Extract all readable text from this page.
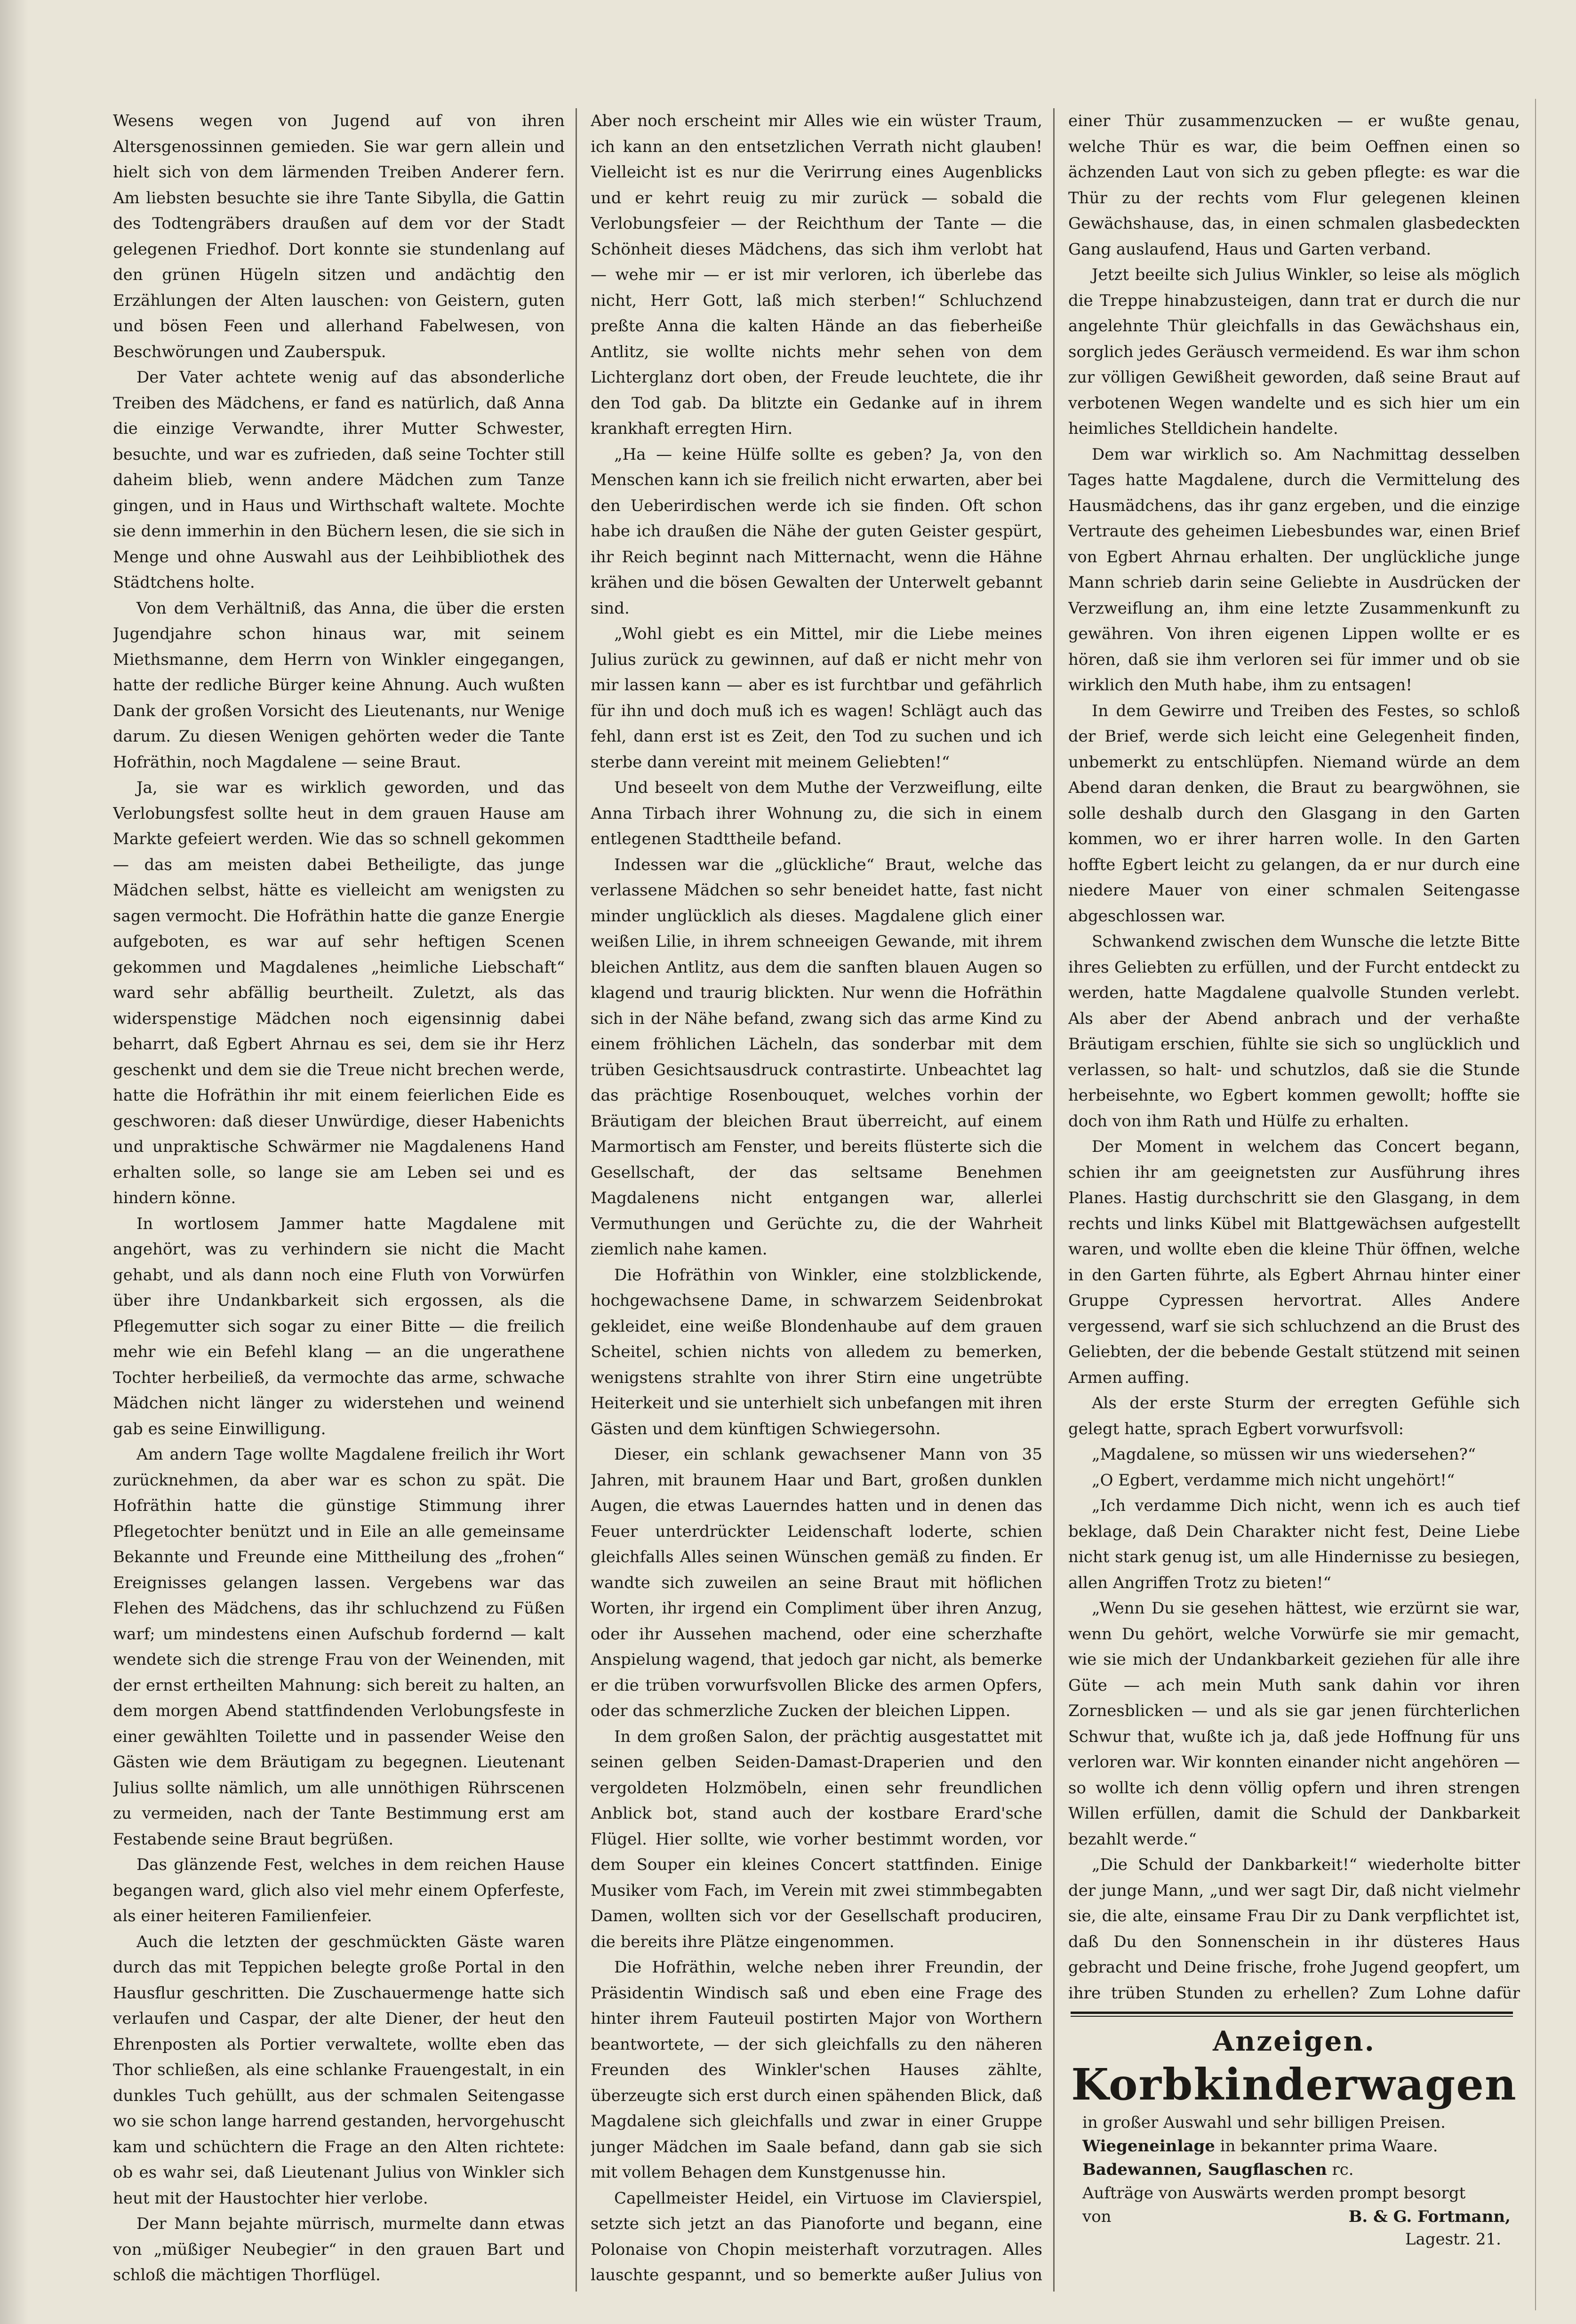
Wesens wegen von Jugend auf von ihren Altersgenossinnen gemieden. Sie war gern allein und hielt sich von dem lärmenden Treiben Anderer fern. Am liebsten besuchte sie ihre Tante Sibylla, die Gattin des Todtengräbers draußen auf dem vor der Stadt gelegenen Friedhof. Dort konnte sie stundenlang auf den grünen Hügeln sitzen und andächtig den Erzählungen der Alten lauschen: von Geistern, guten und bösen Feen und allerhand Fabelwesen, von Beschwörungen und Zauberspuk.

Der Vater achtete wenig auf das absonderliche Treiben des Mädchens, er fand es natürlich, daß Anna die einzige Verwandte, ihrer Mutter Schwester, besuchte, und war es zufrieden, daß seine Tochter still daheim blieb, wenn andere Mädchen zum Tanze gingen, und in Haus und Wirthschaft waltete. Mochte sie denn immerhin in den Büchern lesen, die sie sich in Menge und ohne Auswahl aus der Leihbibliothek des Städtchens holte.

Von dem Verhältniß, das Anna, die über die ersten Jugendjahre schon hinaus war, mit seinem Miethsmanne, dem Herrn von Winkler eingegangen, hatte der redliche Bürger keine Ahnung. Auch wußten Dank der großen Vorsicht des Lieutenants, nur Wenige darum. Zu diesen Wenigen gehörten weder die Tante Hofräthin, noch Magdalene — seine Braut.

Ja, sie war es wirklich geworden, und das Verlobungsfest sollte heut in dem grauen Hause am Markte gefeiert werden. Wie das so schnell gekommen — das am meisten dabei Betheiligte, das junge Mädchen selbst, hätte es vielleicht am wenigsten zu sagen vermocht. Die Hofräthin hatte die ganze Energie aufgeboten, es war auf sehr heftigen Scenen gekommen und Magdalenes „heimliche Liebschaft“ ward sehr abfällig beurtheilt. Zuletzt, als das widerspenstige Mädchen noch eigensinnig dabei beharrt, daß Egbert Ahrnau es sei, dem sie ihr Herz geschenkt und dem sie die Treue nicht brechen werde, hatte die Hofräthin ihr mit einem feierlichen Eide es geschworen: daß dieser Unwürdige, dieser Habenichts und unpraktische Schwärmer nie Magdalenens Hand erhalten solle, so lange sie am Leben sei und es hindern könne.

In wortlosem Jammer hatte Magdalene mit angehört, was zu verhindern sie nicht die Macht gehabt, und als dann noch eine Fluth von Vorwürfen über ihre Undankbarkeit sich ergossen, als die Pflegemutter sich sogar zu einer Bitte — die freilich mehr wie ein Befehl klang — an die ungerathene Tochter herbeiließ, da vermochte das arme, schwache Mädchen nicht länger zu widerstehen und weinend gab es seine Einwilligung.

Am andern Tage wollte Magdalene freilich ihr Wort zurücknehmen, da aber war es schon zu spät. Die Hofräthin hatte die günstige Stimmung ihrer Pflegetochter benützt und in Eile an alle gemeinsame Bekannte und Freunde eine Mittheilung des „frohen“ Ereignisses gelangen lassen. Vergebens war das Flehen des Mädchens, das ihr schluchzend zu Füßen warf; um mindestens einen Aufschub fordernd — kalt wendete sich die strenge Frau von der Weinenden, mit der ernst ertheilten Mahnung: sich bereit zu halten, an dem morgen Abend stattfindenden Verlobungsfeste in einer gewählten Toilette und in passender Weise den Gästen wie dem Bräutigam zu begegnen. Lieutenant Julius sollte nämlich, um alle unnöthigen Rührscenen zu vermeiden, nach der Tante Bestimmung erst am Festabende seine Braut begrüßen.

Das glänzende Fest, welches in dem reichen Hause begangen ward, glich also viel mehr einem Opferfeste, als einer heiteren Familienfeier.

Auch die letzten der geschmückten Gäste waren durch das mit Teppichen belegte große Portal in den Hausflur geschritten. Die Zuschauermenge hatte sich verlaufen und Caspar, der alte Diener, der heut den Ehrenposten als Portier verwaltete, wollte eben das Thor schließen, als eine schlanke Frauengestalt, in ein dunkles Tuch gehüllt, aus der schmalen Seitengasse wo sie schon lange harrend gestanden, hervorgehuscht kam und schüchtern die Frage an den Alten richtete: ob es wahr sei, daß Lieutenant Julius von Winkler sich heut mit der Haustochter hier verlobe.

Der Mann bejahte mürrisch, murmelte dann etwas von „müßiger Neubegier“ in den grauen Bart und schloß die mächtigen Thorflügel.

Aber noch erscheint mir Alles wie ein wüster Traum, ich kann an den entsetzlichen Verrath nicht glauben! Vielleicht ist es nur die Verirrung eines Augenblicks und er kehrt reuig zu mir zurück — sobald die Verlobungsfeier — der Reichthum der Tante — die Schönheit dieses Mädchens, das sich ihm verlobt hat — wehe mir — er ist mir verloren, ich überlebe das nicht, Herr Gott, laß mich sterben!“ Schluchzend preßte Anna die kalten Hände an das fieberheiße Antlitz, sie wollte nichts mehr sehen von dem Lichterglanz dort oben, der Freude leuchtete, die ihr den Tod gab. Da blitzte ein Gedanke auf in ihrem krankhaft erregten Hirn.

„Ha — keine Hülfe sollte es geben? Ja, von den Menschen kann ich sie freilich nicht erwarten, aber bei den Ueberirdischen werde ich sie finden. Oft schon habe ich draußen die Nähe der guten Geister gespürt, ihr Reich beginnt nach Mitternacht, wenn die Hähne krähen und die bösen Gewalten der Unterwelt gebannt sind.

„Wohl giebt es ein Mittel, mir die Liebe meines Julius zurück zu gewinnen, auf daß er nicht mehr von mir lassen kann — aber es ist furchtbar und gefährlich für ihn und doch muß ich es wagen! Schlägt auch das fehl, dann erst ist es Zeit, den Tod zu suchen und ich sterbe dann vereint mit meinem Geliebten!“

Und beseelt von dem Muthe der Verzweiflung, eilte Anna Tirbach ihrer Wohnung zu, die sich in einem entlegenen Stadttheile befand.

Indessen war die „glückliche“ Braut, welche das verlassene Mädchen so sehr beneidet hatte, fast nicht minder unglücklich als dieses. Magdalene glich einer weißen Lilie, in ihrem schneeigen Gewande, mit ihrem bleichen Antlitz, aus dem die sanften blauen Augen so klagend und traurig blickten. Nur wenn die Hofräthin sich in der Nähe befand, zwang sich das arme Kind zu einem fröhlichen Lächeln, das sonderbar mit dem trüben Gesichtsausdruck contrastirte. Unbeachtet lag das prächtige Rosenbouquet, welches vorhin der Bräutigam der bleichen Braut überreicht, auf einem Marmortisch am Fenster, und bereits flüsterte sich die Gesellschaft, der das seltsame Benehmen Magdalenens nicht entgangen war, allerlei Vermuthungen und Gerüchte zu, die der Wahrheit ziemlich nahe kamen.

Die Hofräthin von Winkler, eine stolzblickende, hochgewachsene Dame, in schwarzem Seidenbrokat gekleidet, eine weiße Blondenhaube auf dem grauen Scheitel, schien nichts von alledem zu bemerken, wenigstens strahlte von ihrer Stirn eine ungetrübte Heiterkeit und sie unterhielt sich unbefangen mit ihren Gästen und dem künftigen Schwiegersohn.

Dieser, ein schlank gewachsener Mann von 35 Jahren, mit braunem Haar und Bart, großen dunklen Augen, die etwas Lauerndes hatten und in denen das Feuer unterdrückter Leidenschaft loderte, schien gleichfalls Alles seinen Wünschen gemäß zu finden. Er wandte sich zuweilen an seine Braut mit höflichen Worten, ihr irgend ein Compliment über ihren Anzug, oder ihr Aussehen machend, oder eine scherzhafte Anspielung wagend, that jedoch gar nicht, als bemerke er die trüben vorwurfsvollen Blicke des armen Opfers, oder das schmerzliche Zucken der bleichen Lippen.

In dem großen Salon, der prächtig ausgestattet mit seinen gelben Seiden-Damast-Draperien und den vergoldeten Holzmöbeln, einen sehr freundlichen Anblick bot, stand auch der kostbare Erard'sche Flügel. Hier sollte, wie vorher bestimmt worden, vor dem Souper ein kleines Concert stattfinden. Einige Musiker vom Fach, im Verein mit zwei stimmbegabten Damen, wollten sich vor der Gesellschaft produciren, die bereits ihre Plätze eingenommen.

Die Hofräthin, welche neben ihrer Freundin, der Präsidentin Windisch saß und eben eine Frage des hinter ihrem Fauteuil postirten Major von Worthern beantwortete, — der sich gleichfalls zu den näheren Freunden des Winkler'schen Hauses zählte, überzeugte sich erst durch einen spähenden Blick, daß Magdalene sich gleichfalls und zwar in einer Gruppe junger Mädchen im Saale befand, dann gab sie sich mit vollem Behagen dem Kunstgenusse hin.

Capellmeister Heidel, ein Virtuose im Clavierspiel, setzte sich jetzt an das Pianoforte und begann, eine Polonaise von Chopin meisterhaft vorzutragen. Alles lauschte gespannt, und so bemerkte außer Julius von

einer Thür zusammenzucken — er wußte genau, welche Thür es war, die beim Oeffnen einen so ächzenden Laut von sich zu geben pflegte: es war die Thür zu der rechts vom Flur gelegenen kleinen Gewächshause, das, in einen schmalen glasbedeckten Gang auslaufend, Haus und Garten verband.

Jetzt beeilte sich Julius Winkler, so leise als möglich die Treppe hinabzusteigen, dann trat er durch die nur angelehnte Thür gleichfalls in das Gewächshaus ein, sorglich jedes Geräusch vermeidend. Es war ihm schon zur völligen Gewißheit geworden, daß seine Braut auf verbotenen Wegen wandelte und es sich hier um ein heimliches Stelldichein handelte.

Dem war wirklich so. Am Nachmittag desselben Tages hatte Magdalene, durch die Vermittelung des Hausmädchens, das ihr ganz ergeben, und die einzige Vertraute des geheimen Liebesbundes war, einen Brief von Egbert Ahrnau erhalten. Der unglückliche junge Mann schrieb darin seine Geliebte in Ausdrücken der Verzweiflung an, ihm eine letzte Zusammenkunft zu gewähren. Von ihren eigenen Lippen wollte er es hören, daß sie ihm verloren sei für immer und ob sie wirklich den Muth habe, ihm zu entsagen!

In dem Gewirre und Treiben des Festes, so schloß der Brief, werde sich leicht eine Gelegenheit finden, unbemerkt zu entschlüpfen. Niemand würde an dem Abend daran denken, die Braut zu beargwöhnen, sie solle deshalb durch den Glasgang in den Garten kommen, wo er ihrer harren wolle. In den Garten hoffte Egbert leicht zu gelangen, da er nur durch eine niedere Mauer von einer schmalen Seitengasse abgeschlossen war.

Schwankend zwischen dem Wunsche die letzte Bitte ihres Geliebten zu erfüllen, und der Furcht entdeckt zu werden, hatte Magdalene qualvolle Stunden verlebt. Als aber der Abend anbrach und der verhaßte Bräutigam erschien, fühlte sie sich so unglücklich und verlassen, so halt- und schutzlos, daß sie die Stunde herbeisehnte, wo Egbert kommen gewollt; hoffte sie doch von ihm Rath und Hülfe zu erhalten.

Der Moment in welchem das Concert begann, schien ihr am geeignetsten zur Ausführung ihres Planes. Hastig durchschritt sie den Glasgang, in dem rechts und links Kübel mit Blattgewächsen aufgestellt waren, und wollte eben die kleine Thür öffnen, welche in den Garten führte, als Egbert Ahrnau hinter einer Gruppe Cypressen hervortrat. Alles Andere vergessend, warf sie sich schluchzend an die Brust des Geliebten, der die bebende Gestalt stützend mit seinen Armen auffing.

Als der erste Sturm der erregten Gefühle sich gelegt hatte, sprach Egbert vorwurfsvoll:

„Magdalene, so müssen wir uns wiedersehen?“

„O Egbert, verdamme mich nicht ungehört!“

„Ich verdamme Dich nicht, wenn ich es auch tief beklage, daß Dein Charakter nicht fest, Deine Liebe nicht stark genug ist, um alle Hindernisse zu besiegen, allen Angriffen Trotz zu bieten!“

„Wenn Du sie gesehen hättest, wie erzürnt sie war, wenn Du gehört, welche Vorwürfe sie mir gemacht, wie sie mich der Undankbarkeit geziehen für alle ihre Güte — ach mein Muth sank dahin vor ihren Zornesblicken — und als sie gar jenen fürchterlichen Schwur that, wußte ich ja, daß jede Hoffnung für uns verloren war. Wir konnten einander nicht angehören — so wollte ich denn völlig opfern und ihren strengen Willen erfüllen, damit die Schuld der Dankbarkeit bezahlt werde.“

„Die Schuld der Dankbarkeit!“ wiederholte bitter der junge Mann, „und wer sagt Dir, daß nicht vielmehr sie, die alte, einsame Frau Dir zu Dank verpflichtet ist, daß Du den Sonnenschein in ihr düsteres Haus gebracht und Deine frische, frohe Jugend geopfert, um ihre trüben Stunden zu erhellen? Zum Lohne dafür

Anzeigen.
Korbkinderwagen

in großer Auswahl und sehr billigen Preisen.

Wiegeneinlage in bekannter prima Waare.

Badewannen, Saugflaschen rc.

Aufträge von Auswärts werden prompt besorgt

von	B. & G. Fortmann,

Lagestr. 21.
